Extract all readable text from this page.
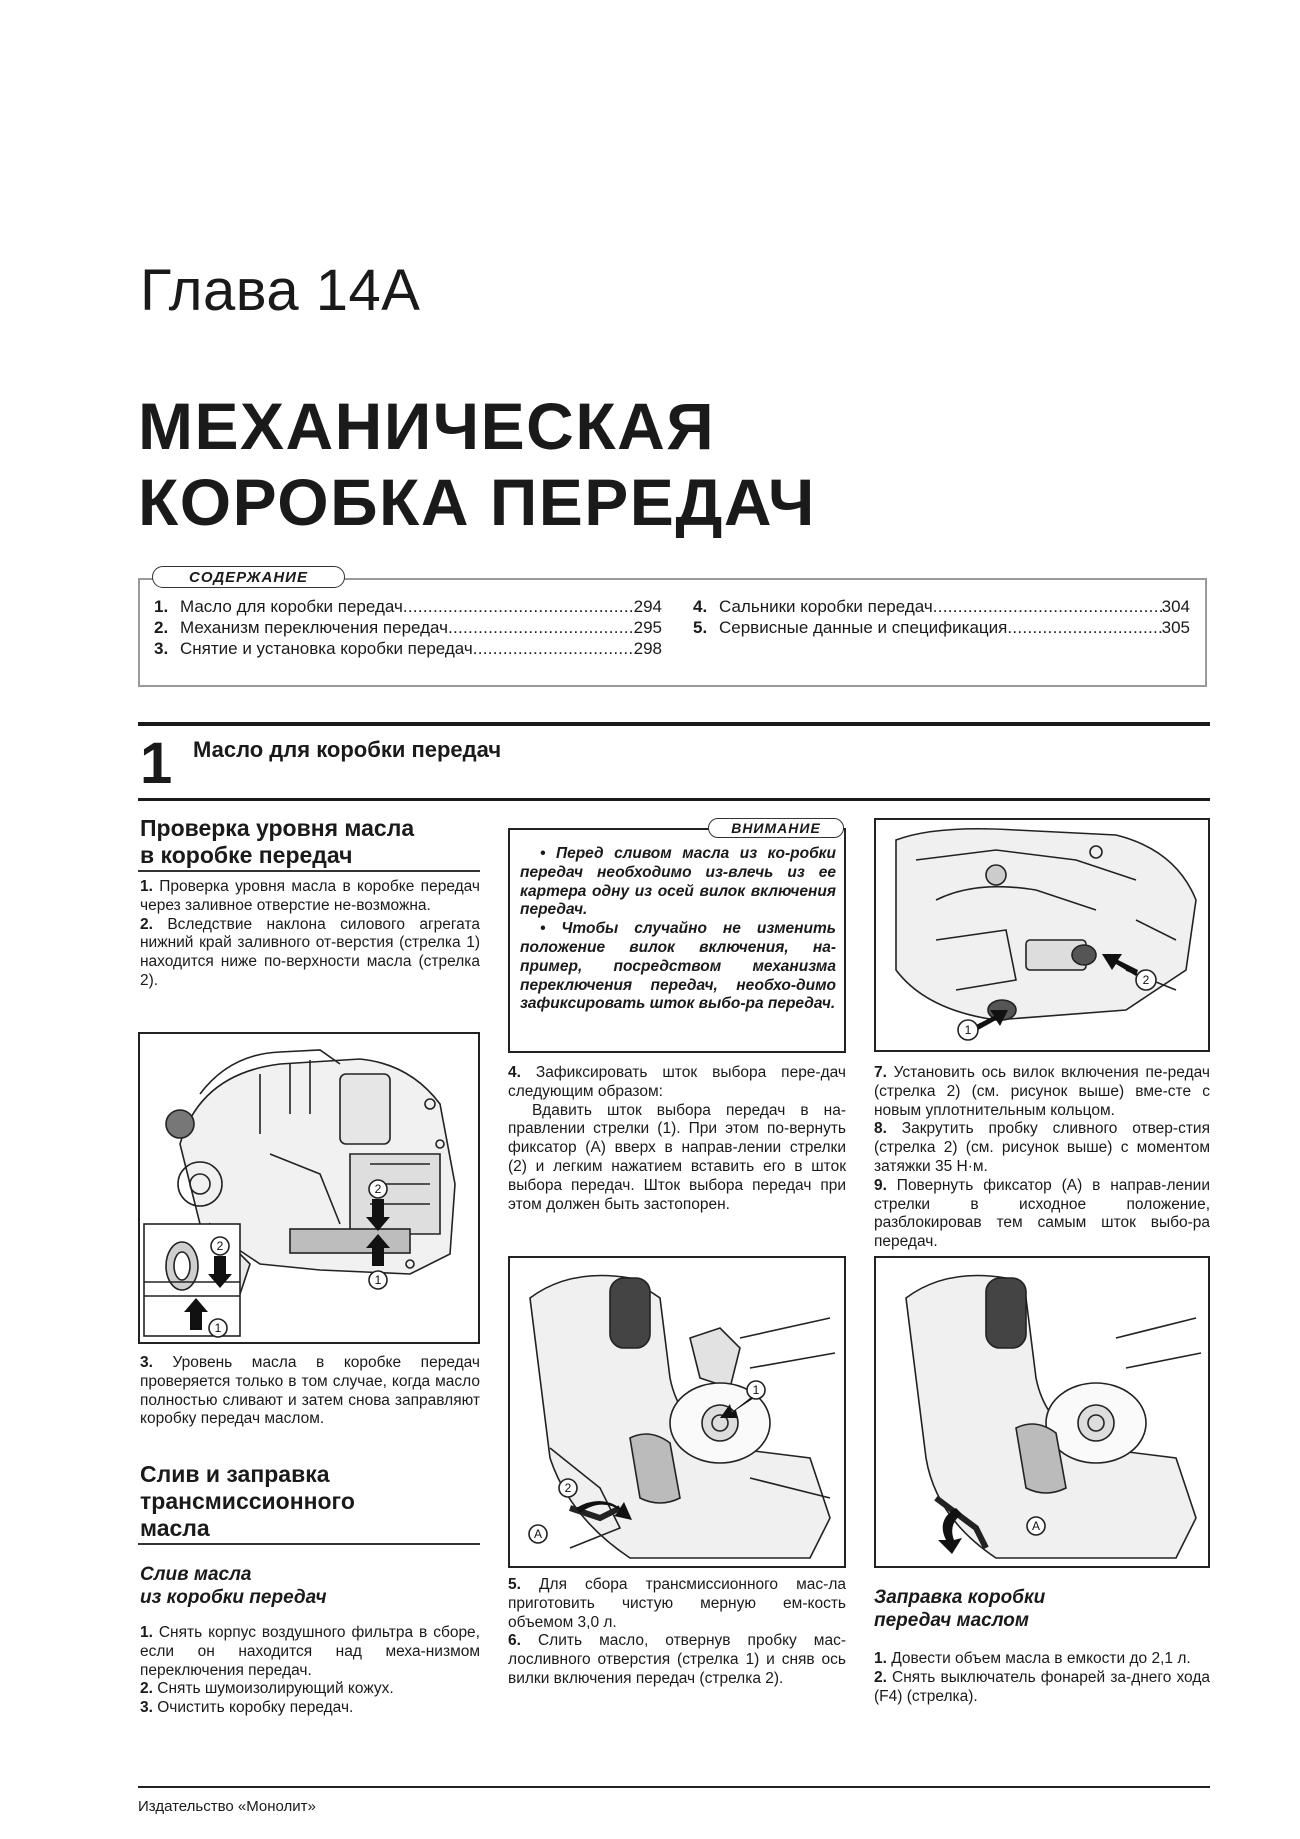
Глава 14А
МЕХАНИЧЕСКАЯ
КОРОБКА ПЕРЕДАЧ
СОДЕРЖАНИЕ
1. Масло для коробки передач .....	294
2. Механизм переключения передач .....	295
3. Снятие и установка коробки передач .....	298
4. Сальники коробки передач .....	304
5. Сервисные данные и спецификация .....	305
1 Масло для коробки передач
Проверка уровня масла
в коробке передач

1. Проверка уровня масла в коробке передач через заливное отверстие не-возможна.

2. Вследствие наклона силового агрегата нижний край заливного от-верстия (стрелка 1) находится ниже по-верхности масла (стрелка 2).

2
1
2
1

3. Уровень масла в коробке передач проверяется только в том случае, когда масло полностью сливают и затем снова заправляют коробку передач маслом.

Слив и заправка
трансмиссионного
масла
Слив масла
из коробки передач

1. Снять корпус воздушного фильтра в сборе, если он находится над меха-низмом переключения передач.

2. Снять шумоизолирующий кожух.

3. Очистить коробку передач.

ВНИМАНИЕ

• Перед сливом масла из ко-робки передач необходимо из-влечь из ее картера одну из осей вилок включения передач.

• Чтобы случайно не изменить положение вилок включения, на-пример, посредством механизма переключения передач, необхо-димо зафиксировать шток выбо-ра передач.

4. Зафиксировать шток выбора пере-дач следующим образом:

Вдавить шток выбора передач в на-правлении стрелки (1). При этом по-вернуть фиксатор (A) вверх в направ-лении стрелки (2) и легким нажатием вставить его в шток выбора передач. Шток выбора передач при этом должен быть застопорен.

1
2
A

5. Для сбора трансмиссионного мас-ла приготовить чистую мерную ем-кость объемом 3,0 л.

6. Слить масло, отвернув пробку мас-лосливного отверстия (стрелка 1) и сняв ось вилки включения передач (стрелка 2).

2
1

7. Установить ось вилок включения пе-редач (стрелка 2) (см. рисунок выше) вме-сте с новым уплотнительным кольцом.

8. Закрутить пробку сливного отвер-стия (стрелка 2) (см. рисунок выше) с моментом затяжки 35 Н·м.

9. Повернуть фиксатор (A) в направ-лении стрелки в исходное положение, разблокировав тем самым шток выбо-ра передач.

A
Заправка коробки
передач маслом

1. Довести объем масла в емкости до 2,1 л.

2. Снять выключатель фонарей за-днего хода (F4) (стрелка).

Издательство «Монолит»
